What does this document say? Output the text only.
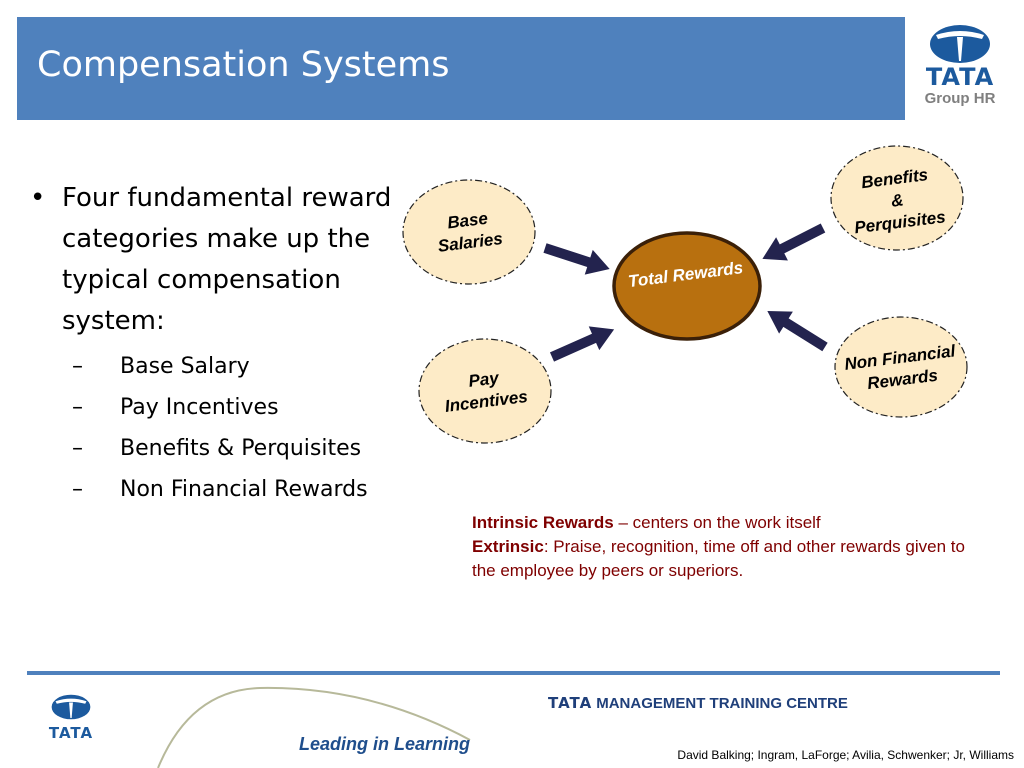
Compensation Systems	TATA
Group HR
• Four fundamental reward categories make up the typical compensation system:
– Base Salary
– Pay Incentives
– Benefits & Perquisites
– Non Financial Rewards
Base
Salaries
Pay
Incentives
Benefits
&
Perquisites
Non Financial
Rewards
Total Rewards
Intrinsic Rewards – centers on the work itself
Extrinsic: Praise, recognition, time off and other rewards given to the employee by peers or superiors.
TATA
Leading in Learning
TATA MANAGEMENT TRAINING CENTRE
David Balking; Ingram, LaForge; Avilia, Schwenker; Jr, Williams
